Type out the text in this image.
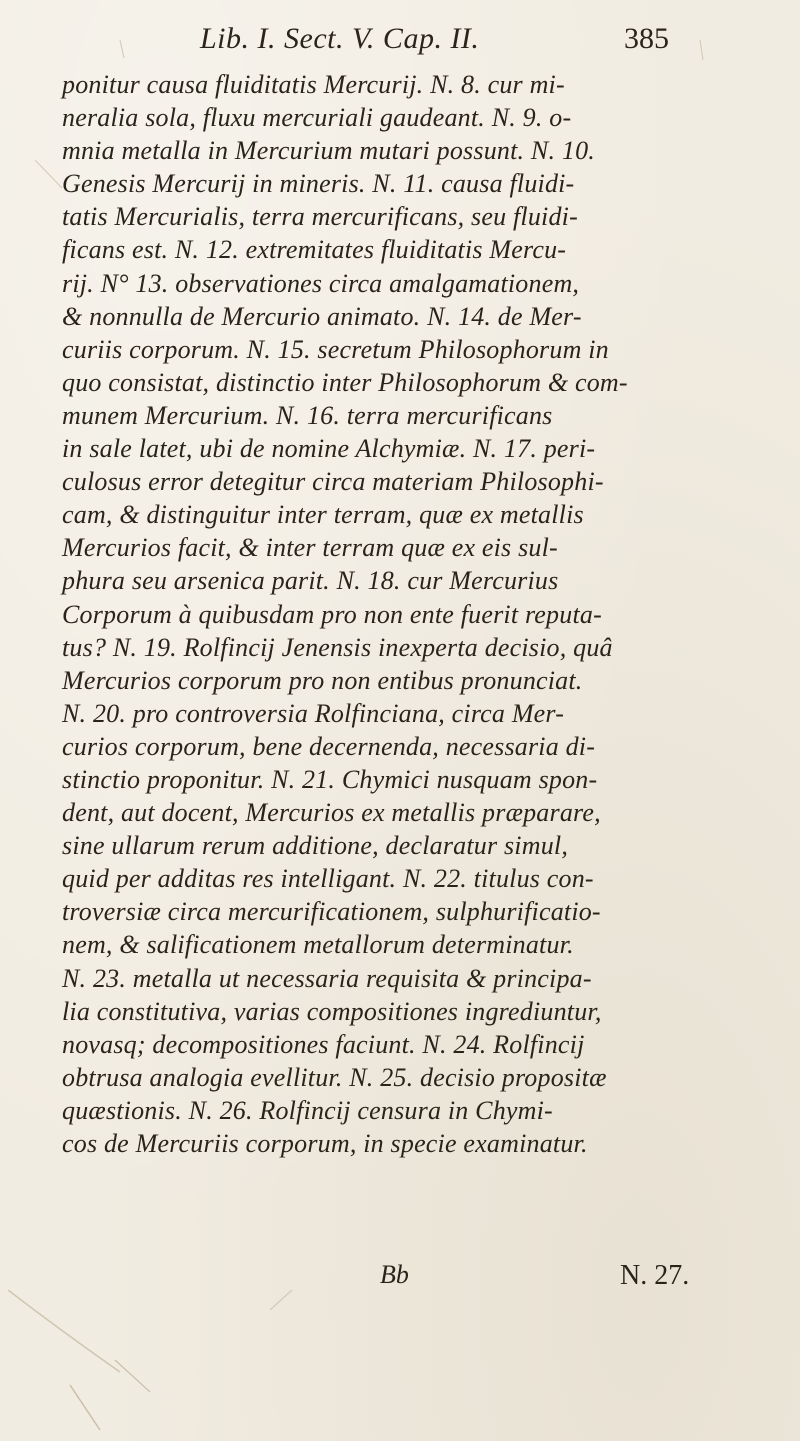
Lib. I. Sect. V. Cap. II.	385
ponitur causa fluiditatis Mercurij. N. 8. cur mi-
neralia sola, fluxu mercuriali gaudeant. N. 9. o-
mnia metalla in Mercurium mutari possunt. N. 10.
Genesis Mercurij in mineris. N. 11. causa fluidi-
tatis Mercurialis, terra mercurificans, seu fluidi-
ficans est. N. 12. extremitates fluiditatis Mercu-
rij. N° 13. observationes circa amalgamationem,
& nonnulla de Mercurio animato. N. 14. de Mer-
curiis corporum. N. 15. secretum Philosophorum in
quo consistat, distinctio inter Philosophorum & com-
munem Mercurium. N. 16. terra mercurificans
in sale latet, ubi de nomine Alchymiæ. N. 17. peri-
culosus error detegitur circa materiam Philosophi-
cam, & distinguitur inter terram, quæ ex metallis
Mercurios facit, & inter terram quæ ex eis sul-
phura seu arsenica parit. N. 18. cur Mercurius
Corporum à quibusdam pro non ente fuerit reputa-
tus? N. 19. Rolfincij Jenensis inexperta decisio, quâ
Mercurios corporum pro non entibus pronunciat.
N. 20. pro controversia Rolfinciana, circa Mer-
curios corporum, bene decernenda, necessaria di-
stinctio proponitur. N. 21. Chymici nusquam spon-
dent, aut docent, Mercurios ex metallis præparare,
sine ullarum rerum additione, declaratur simul,
quid per additas res intelligant. N. 22. titulus con-
troversiæ circa mercurificationem, sulphurificatio-
nem, & salificationem metallorum determinatur.
N. 23. metalla ut necessaria requisita & principa-
lia constitutiva, varias compositiones ingrediuntur,
novasq; decompositiones faciunt. N. 24. Rolfincij
obtrusa analogia evellitur. N. 25. decisio propositæ
quæstionis. N. 26. Rolfincij censura in Chymi-
cos de Mercuriis corporum, in specie examinatur.
Bb	N. 27.
